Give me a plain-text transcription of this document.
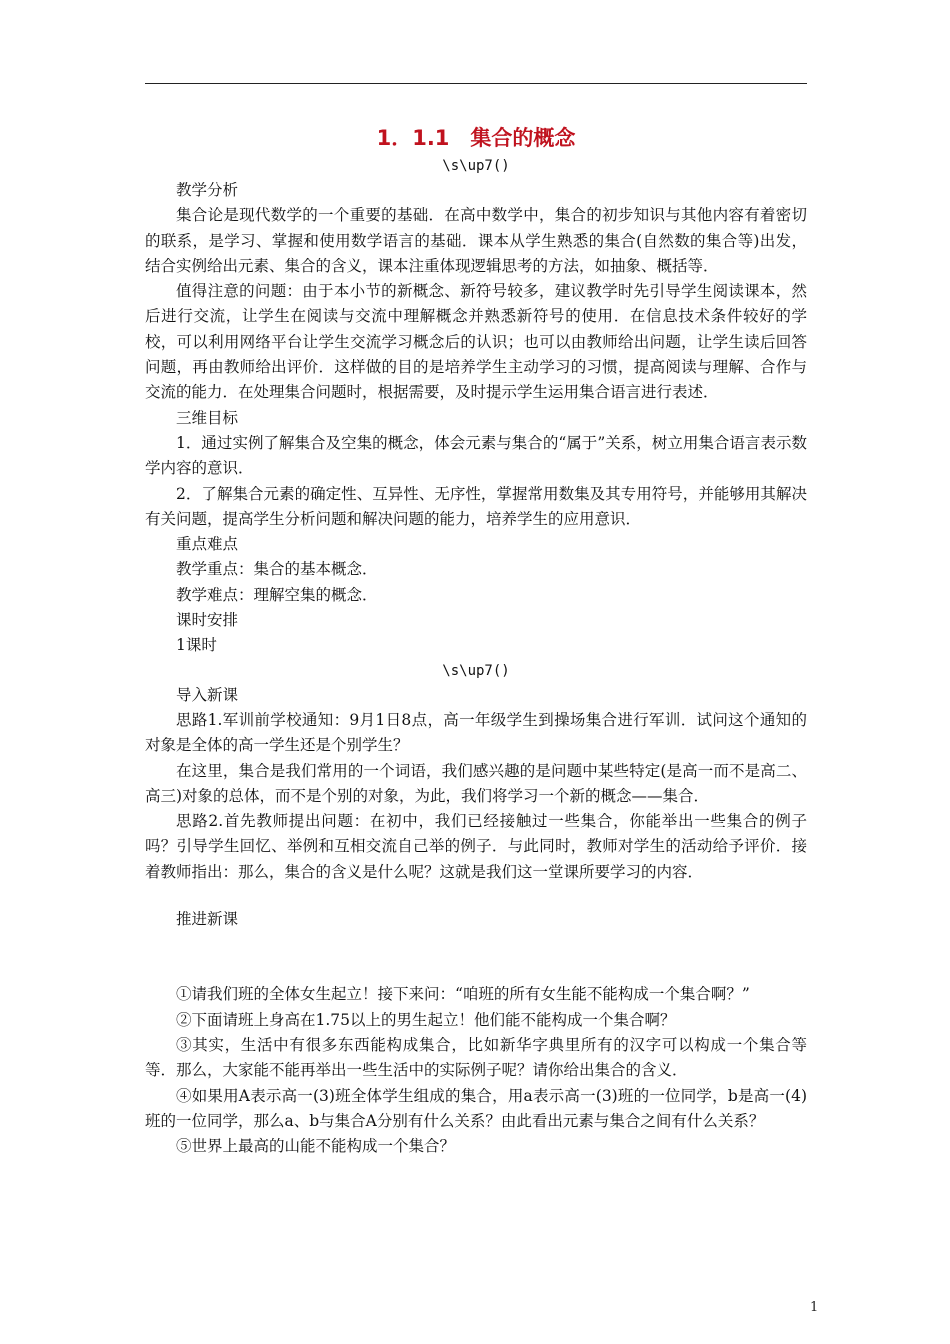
1．1.1　集合的概念
\s\up7()
教学分析

集合论是现代数学的一个重要的基础．在高中数学中，集合的初步知识与其他内容有着密切的联系，是学习、掌握和使用数学语言的基础．课本从学生熟悉的集合(自然数的集合等)出发，结合实例给出元素、集合的含义，课本注重体现逻辑思考的方法，如抽象、概括等．

值得注意的问题：由于本小节的新概念、新符号较多，建议教学时先引导学生阅读课本，然后进行交流，让学生在阅读与交流中理解概念并熟悉新符号的使用．在信息技术条件较好的学校，可以利用网络平台让学生交流学习概念后的认识；也可以由教师给出问题，让学生读后回答问题，再由教师给出评价．这样做的目的是培养学生主动学习的习惯，提高阅读与理解、合作与交流的能力．在处理集合问题时，根据需要，及时提示学生运用集合语言进行表述．

三维目标

1．通过实例了解集合及空集的概念，体会元素与集合的“属于”关系，树立用集合语言表示数学内容的意识．

2．了解集合元素的确定性、互异性、无序性，掌握常用数集及其专用符号，并能够用其解决有关问题，提高学生分析问题和解决问题的能力，培养学生的应用意识．

重点难点
教学重点：集合的基本概念．
教学难点：理解空集的概念．
课时安排
1课时
\s\up7()
导入新课

思路1.军训前学校通知：9月1日8点，高一年级学生到操场集合进行军训．试问这个通知的对象是全体的高一学生还是个别学生？

在这里，集合是我们常用的一个词语，我们感兴趣的是问题中某些特定(是高一而不是高二、高三)对象的总体，而不是个别的对象，为此，我们将学习一个新的概念——集合．

思路2.首先教师提出问题：在初中，我们已经接触过一些集合，你能举出一些集合的例子吗？引导学生回忆、举例和互相交流自己举的例子．与此同时，教师对学生的活动给予评价．接着教师指出：那么，集合的含义是什么呢？这就是我们这一堂课所要学习的内容．

推进新课

①请我们班的全体女生起立！接下来问：“咱班的所有女生能不能构成一个集合啊？”

②下面请班上身高在1.75以上的男生起立！他们能不能构成一个集合啊？

③其实，生活中有很多东西能构成集合，比如新华字典里所有的汉字可以构成一个集合等等．那么，大家能不能再举出一些生活中的实际例子呢？请你给出集合的含义．

④如果用A表示高一(3)班全体学生组成的集合，用a表示高一(3)班的一位同学，b是高一(4)班的一位同学，那么a、b与集合A分别有什么关系？由此看出元素与集合之间有什么关系？

⑤世界上最高的山能不能构成一个集合？

1
